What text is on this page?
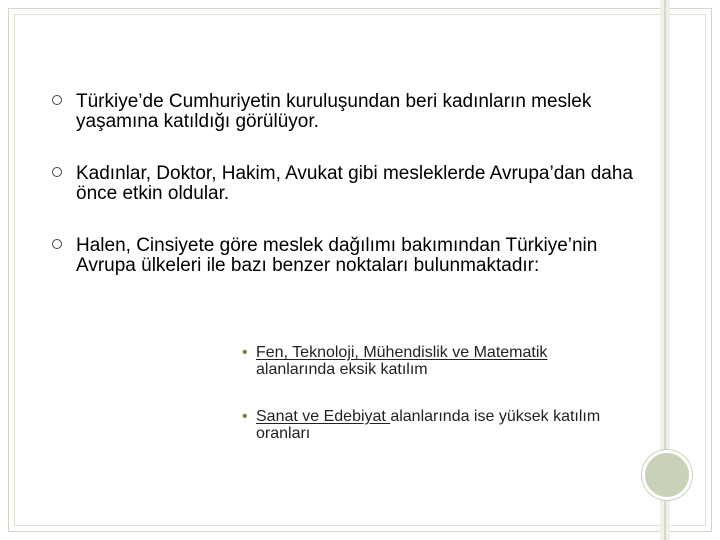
Türkiye’de Cumhuriyetin kuruluşundan beri kadınların meslek yaşamına katıldığı görülüyor.
Kadınlar, Doktor, Hakim, Avukat gibi mesleklerde Avrupa’dan daha önce etkin oldular.
Halen, Cinsiyete göre meslek dağılımı bakımından Türkiye’nin Avrupa ülkeleri ile bazı benzer noktaları bulunmaktadır:
• Fen, Teknoloji, Mühendislik ve Matematik
alanlarında eksik katılım
• Sanat ve Edebiyat alanlarında ise yüksek katılım oranları
